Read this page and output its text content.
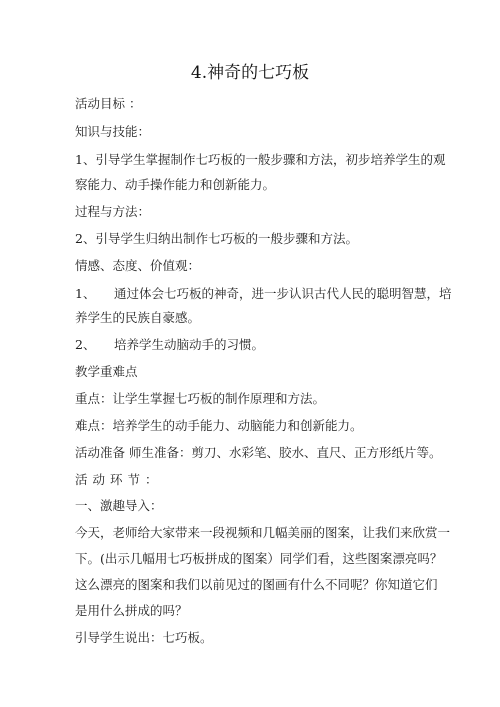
4.神奇的七巧板
活动目标 ：
知识与技能：
1、引导学生掌握制作七巧板的一般步骤和方法，初步培养学生的观
察能力、动手操作能力和创新能力。
过程与方法：
2、引导学生归纳出制作七巧板的一般步骤和方法。
情感、态度、价值观：
1、 通过体会七巧板的神奇，进一步认识古代人民的聪明智慧，培
养学生的民族自豪感。
2、 培养学生动脑动手的习惯。
教学重难点
重点：让学生掌握七巧板的制作原理和方法。
难点：培养学生的动手能力、动脑能力和创新能力。
活动准备 师生准备：剪刀、水彩笔、胶水、直尺、正方形纸片等。
活动环节：
一、激趣导入：
今天，老师给大家带来一段视频和几幅美丽的图案，让我们来欣赏一
下。(出示几幅用七巧板拼成的图案）同学们看，这些图案漂亮吗？
这么漂亮的图案和我们以前见过的图画有什么不同呢？你知道它们
是用什么拼成的吗？
引导学生说出：七巧板。
